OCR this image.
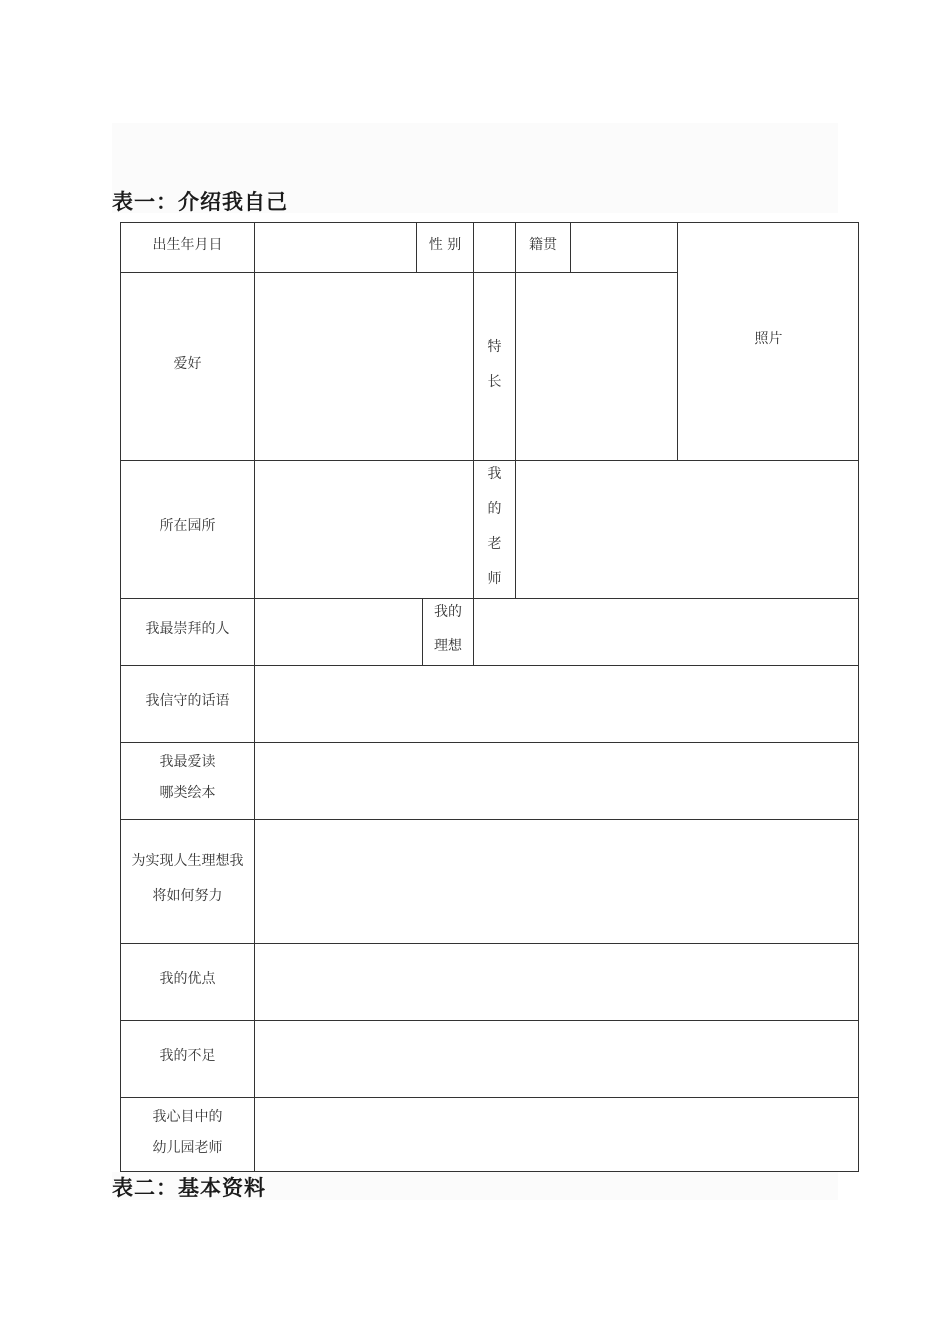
表一：介绍我自己
出生年月日	性 别	籍贯
照片
爱好
特
长
所在园所
我
的
老
师
我最崇拜的人
我的
理想
我信守的话语
我最爱读
哪类绘本
为实现人生理想我
将如何努力
我的优点
我的不足
我心目中的
幼儿园老师
表二：基本资料
